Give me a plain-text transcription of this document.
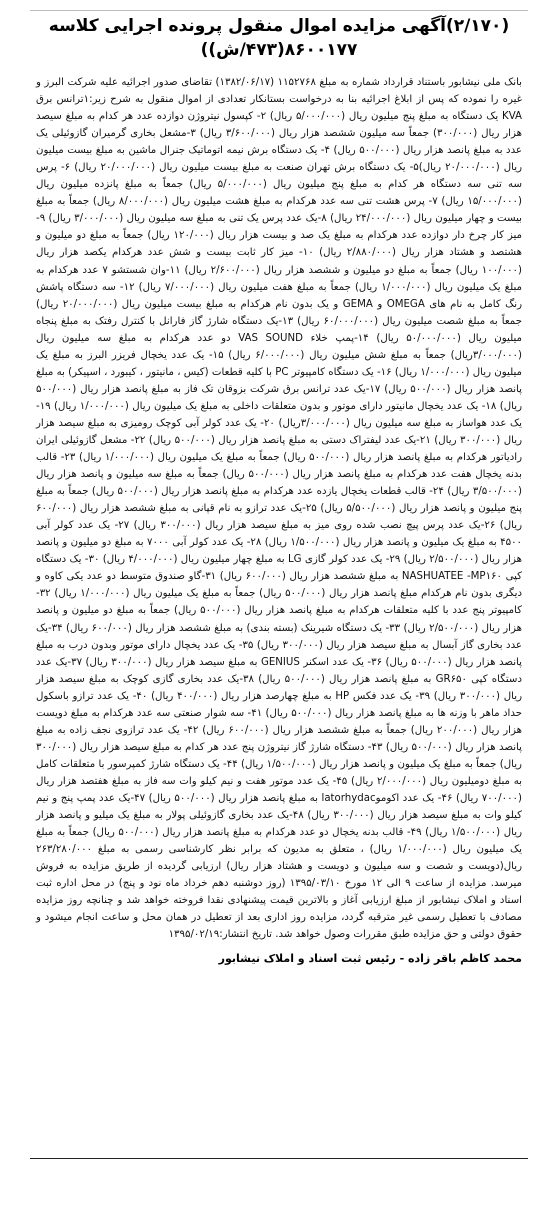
(۲/۱۷۰)آگهی مزایده اموال منقول پرونده اجرایی کلاسه ۸۶۰۰۱۷۷(۴۷۳/ش))

بانک ملی نیشابور باستناد قرارداد شماره به مبلغ ۱۱۵۲۷۶۸ (۱۳۸۲/۰۶/۱۷) تقاضای صدور اجرائیه علیه شرکت البرز و غیره را نموده که پس از ابلاغ اجرائیه بنا به درخواست بستانکار تعدادی از اموال منقول به شرح زیر:۱ترانس برق KVA یک دستگاه به مبلغ پنج میلیون ریال (۵/۰۰۰/۰۰۰ ریال) ۲- کپسول نیتروژن دوازده عدد هر کدام به مبلغ سیصد هزار ریال (۳۰۰/۰۰۰) جمعاً سه میلیون ششصد هزار ریال (۳/۶۰۰/۰۰۰ ریال) ۳-مشعل بخاری گرمیران گازوئیلی یک عدد به مبلغ پانصد هزار ریال (۵۰۰/۰۰۰ ریال) ۴- یک دستگاه برش نیمه اتوماتیک جنرال ماشین به مبلغ بیست میلیون ریال (۲۰/۰۰۰/۰۰۰ ریال)۵- یک دستگاه برش تهران صنعت به مبلغ بیست میلیون ریال (۲۰/۰۰۰/۰۰۰ ریال) ۶- پرس سه تنی سه دستگاه هر کدام به مبلغ پنج میلیون ریال (۵/۰۰۰/۰۰۰ ریال) جمعاً به مبلغ پانزده میلیون ریال (۱۵/۰۰۰/۰۰۰ ریال) ۷- پرس هشت تنی سه عدد هرکدام به مبلغ هشت میلیون ریال (۸/۰۰۰/۰۰۰ ریال) جمعاً به مبلغ بیست و چهار میلیون ریال (۲۴/۰۰۰/۰۰۰ ریال) ۸-یک عدد پرس یک تنی به مبلغ سه میلیون ریال (۳/۰۰۰/۰۰۰ ریال) ۹- میز کار چرخ دار دوازده عدد هرکدام به مبلغ یک صد و بیست هزار ریال (۱۲۰/۰۰۰ ریال) جمعاً به مبلغ دو میلیون و هشتصد و هشتاد هزار ریال (۲/۸۸۰/۰۰۰ ریال) ۱۰- میز کار ثابت بیست و شش عدد هرکدام یکصد هزار ریال (۱۰۰/۰۰۰ ریال) جمعاً به مبلغ دو میلیون و ششصد هزار ریال (۲/۶۰۰/۰۰۰ ریال) ۱۱-وان شستشو ۷ عدد هرکدام به مبلغ یک میلیون ریال (۱/۰۰۰/۰۰۰ ریال) جمعاً به مبلغ هفت میلیون ریال (۷/۰۰۰/۰۰۰ ریال) ۱۲- سه دستگاه پاشش رنگ کامل به نام های OMEGA و GEMA و یک بدون نام هرکدام به مبلغ بیست میلیون ریال (۲۰/۰۰۰/۰۰۰ ریال) جمعاً به مبلغ شصت میلیون ریال (۶۰/۰۰۰/۰۰۰ ریال) ۱۳-یک دستگاه شارژ گاز فارانل با کنترل رفتک به مبلغ پنجاه میلیون ریال (۵۰/۰۰۰/۰۰۰ ریال) ۱۴-پمپ خلاء VAS SOUND دو عدد هرکدام به مبلغ سه میلیون ریال (۳/۰۰۰/۰۰۰ریال) جمعاً به مبلغ شش میلیون ریال (۶/۰۰۰/۰۰۰ ریال) ۱۵- یک عدد یخچال فریزر البرز به مبلغ یک میلیون ریال (۱/۰۰۰/۰۰۰ ریال) ۱۶- یک دستگاه کامپیوتر PC با کلیه قطعات (کیس ، مانیتور ، کیبورد ، اسپیکر) به مبلغ پانصد هزار ریال (۵۰۰/۰۰۰ ریال) ۱۷-یک عدد ترانس برق شرکت بزوقان تک فاز به مبلغ پانصد هزار ریال (۵۰۰/۰۰۰ ریال) ۱۸- یک عدد یخچال مانیتور دارای موتور و بدون متعلقات داخلی به مبلغ یک میلیون ریال (۱/۰۰۰/۰۰۰ ریال) ۱۹-یک عدد هواساز به مبلغ سه میلیون ریال (۳/۰۰۰/۰۰۰ریال) ۲۰- یک عدد کولر آبی کوچک رومیزی به مبلغ سیصد هزار ریال (۳۰۰/۰۰۰ ریال) ۲۱-یک عدد لیفتراک دستی به مبلغ پانصد هزار ریال (۵۰۰/۰۰۰ ریال) ۲۲- مشعل گازوئیلی ایران رادیاتور هرکدام به مبلغ پانصد هزار ریال (۵۰۰/۰۰۰ ریال) جمعاً به مبلغ یک میلیون ریال (۱/۰۰۰/۰۰۰ ریال) ۲۳- قالب بدنه یخچال هفت عدد هرکدام به مبلغ پانصد هزار ریال (۵۰۰/۰۰۰ ریال) جمعاً به مبلغ سه میلیون و پانصد هزار ریال (۳/۵۰۰/۰۰۰ ریال) ۲۴- قالب قطعات یخچال یازده عدد هرکدام به مبلغ پانصد هزار ریال (۵۰۰/۰۰۰ ریال) جمعاً به مبلغ پنج میلیون و پانصد هزار ریال (۵/۵۰۰/۰۰۰ ریال) ۲۵-یک عدد ترازو به نام قپانی به مبلغ ششصد هزار ریال (۶۰۰/۰۰۰ ریال) ۲۶-یک عدد پرس پیچ نصب شده روی میز به مبلغ سیصد هزار ریال (۳۰۰/۰۰۰ ریال) ۲۷- یک عدد کولر آبی ۴۵۰۰ به مبلغ یک میلیون و پانصد هزار ریال (۱/۵۰۰/۰۰۰ ریال) ۲۸- یک عدد کولر آبی ۷۰۰۰ به مبلغ دو میلیون و پانصد هزار ریال (۲/۵۰۰/۰۰۰ ریال) ۲۹- یک عدد کولر گازی LG به مبلغ چهار میلیون ریال (۴/۰۰۰/۰۰۰ ریال) ۳۰- یک دستگاه کپی NASHUATEE -MP۱۶۰ به مبلغ ششصد هزار ریال (۶۰۰/۰۰۰ ریال) ۳۱-گاو صندوق متوسط دو عدد یکی کاوه و دیگری بدون نام هرکدام مبلغ پانصد هزار ریال (۵۰۰/۰۰۰ ریال) جمعاً به مبلغ یک میلیون ریال (۱/۰۰۰/۰۰۰ ریال) ۳۲- کامپیوتر پنج عدد با کلیه متعلقات هرکدام به مبلغ پانصد هزار ریال (۵۰۰/۰۰۰ ریال) جمعاً به مبلغ دو میلیون و پانصد هزار ریال (۲/۵۰۰/۰۰۰ ریال) ۳۳- یک دستگاه شیرینک (بسته بندی) به مبلغ ششصد هزار ریال (۶۰۰/۰۰۰ ریال) ۳۴-یک عدد بخاری گاز آبسال به مبلغ سیصد هزار ریال (۳۰۰/۰۰۰ ریال) ۳۵- یک عدد یخچال دارای موتور وبدون درب به مبلغ پانصد هزار ریال (۵۰۰/۰۰۰ ریال) ۳۶- یک عدد اسکنر GENIUS به مبلغ سیصد هزار ریال (۳۰۰/۰۰۰ ریال) ۳۷-یک عدد دستگاه کپی GR۶۵۰ به مبلغ پانصد هزار ریال (۵۰۰/۰۰۰ ریال) ۳۸-یک عدد بخاری گازی کوچک به مبلغ سیصد هزار ریال (۳۰۰/۰۰۰ ریال) ۳۹- یک عدد فکس HP به مبلغ چهارصد هزار ریال (۴۰۰/۰۰۰ ریال) ۴۰- یک عدد ترازو باسکول حداد ماهر با وزنه ها به مبلغ پانصد هزار ریال (۵۰۰/۰۰۰ ریال) ۴۱- سه شوار صنعتی سه عدد هرکدام به مبلغ دویست هزار ریال (۲۰۰/۰۰۰ ریال) جمعاً به مبلغ ششصد هزار ریال (۶۰۰/۰۰۰ ریال) ۴۲- یک عدد ترازوی نجف زاده به مبلغ پانصد هزار ریال (۵۰۰/۰۰۰ ریال) ۴۳- دستگاه شارژ گاز نیتروژن پنج عدد هر کدام به مبلغ سیصد هزار ریال (۳۰۰/۰۰۰ ریال) جمعاً به مبلغ یک میلیون و پانصد هزار ریال (۱/۵۰۰/۰۰۰ ریال) ۴۴- یک دستگاه شارژ کمپرسور با متعلقات کامل به مبلغ دومیلیون ریال (۲/۰۰۰/۰۰۰ ریال) ۴۵- یک عدد موتور هفت و نیم کیلو وات سه فاز به مبلغ هفتصد هزار ریال (۷۰۰/۰۰۰ ریال) ۴۶- یک عدد اکوموlatorhydac به مبلغ پانصد هزار ریال (۵۰۰/۰۰۰ ریال) ۴۷-یک عدد پمپ پنج و نیم کیلو وات به مبلغ سیصد هزار ریال (۳۰۰/۰۰۰ ریال) ۴۸-یک عدد بخاری گازوئیلی پولار به مبلغ یک میلیو و پانصد هزار ریال (۱/۵۰۰/۰۰۰ ریال) ۴۹- قالب بدنه یخچال دو عدد هرکدام به مبلغ پانصد هزار ریال (۵۰۰/۰۰۰ ریال) جمعاً به مبلغ یک میلیون ریال (۱/۰۰۰/۰۰۰ ریال) ، متعلق به مدیون که برابر نظر کارشناسی رسمی به مبلغ ۲۶۳/۲۸۰/۰۰۰ ریال(دویست و شصت و سه میلیون و دویست و هشتاد هزار ریال) ارزیابی گردیده از طریق مزایده به فروش میرسد. مزایده از ساعت ۹ الی ۱۲ مورخ ۱۳۹۵/۰۳/۱۰ (روز دوشنبه دهم خرداد ماه نود و پنج) در محل اداره ثبت اسناد و املاک نیشابور از مبلغ ارزیابی آغاز و بالاترین قیمت پیشنهادی نقدا فروخته خواهد شد و چنانچه روز مزایده مصادف با تعطیل رسمی غیر مترقبه گردد، مزایده روز اداری بعد از تعطیل در همان محل و ساعت انجام میشود و حقوق دولتی و حق مزایده طبق مقررات وصول خواهد شد. تاریخ انتشار:۱۳۹۵/۰۲/۱۹

محمد کاظم باقر زاده - رئیس ثبت اسناد و املاک نیشابور
